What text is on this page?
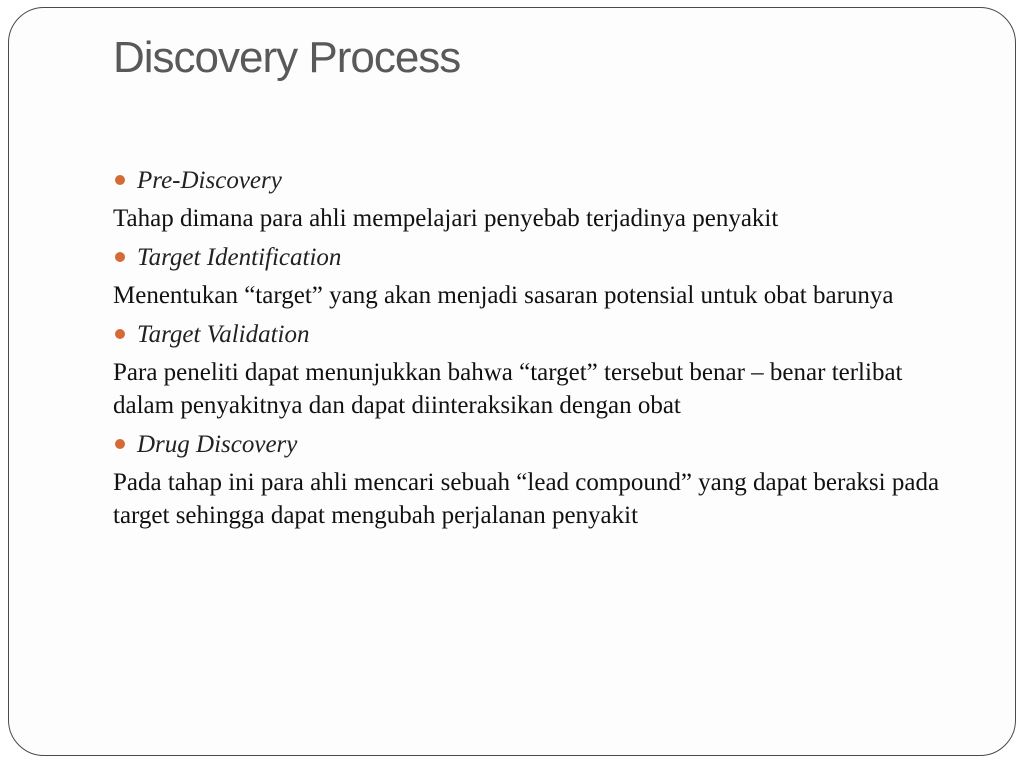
Discovery Process

Pre-Discovery

Tahap dimana para ahli mempelajari penyebab terjadinya penyakit

Target Identification

Menentukan “target” yang akan menjadi sasaran potensial untuk obat barunya

Target Validation

Para peneliti dapat menunjukkan bahwa “target” tersebut benar – benar terlibat dalam penyakitnya dan dapat diinteraksikan dengan obat

Drug Discovery

Pada tahap ini para ahli mencari sebuah “lead compound” yang dapat beraksi pada target sehingga dapat mengubah perjalanan penyakit
